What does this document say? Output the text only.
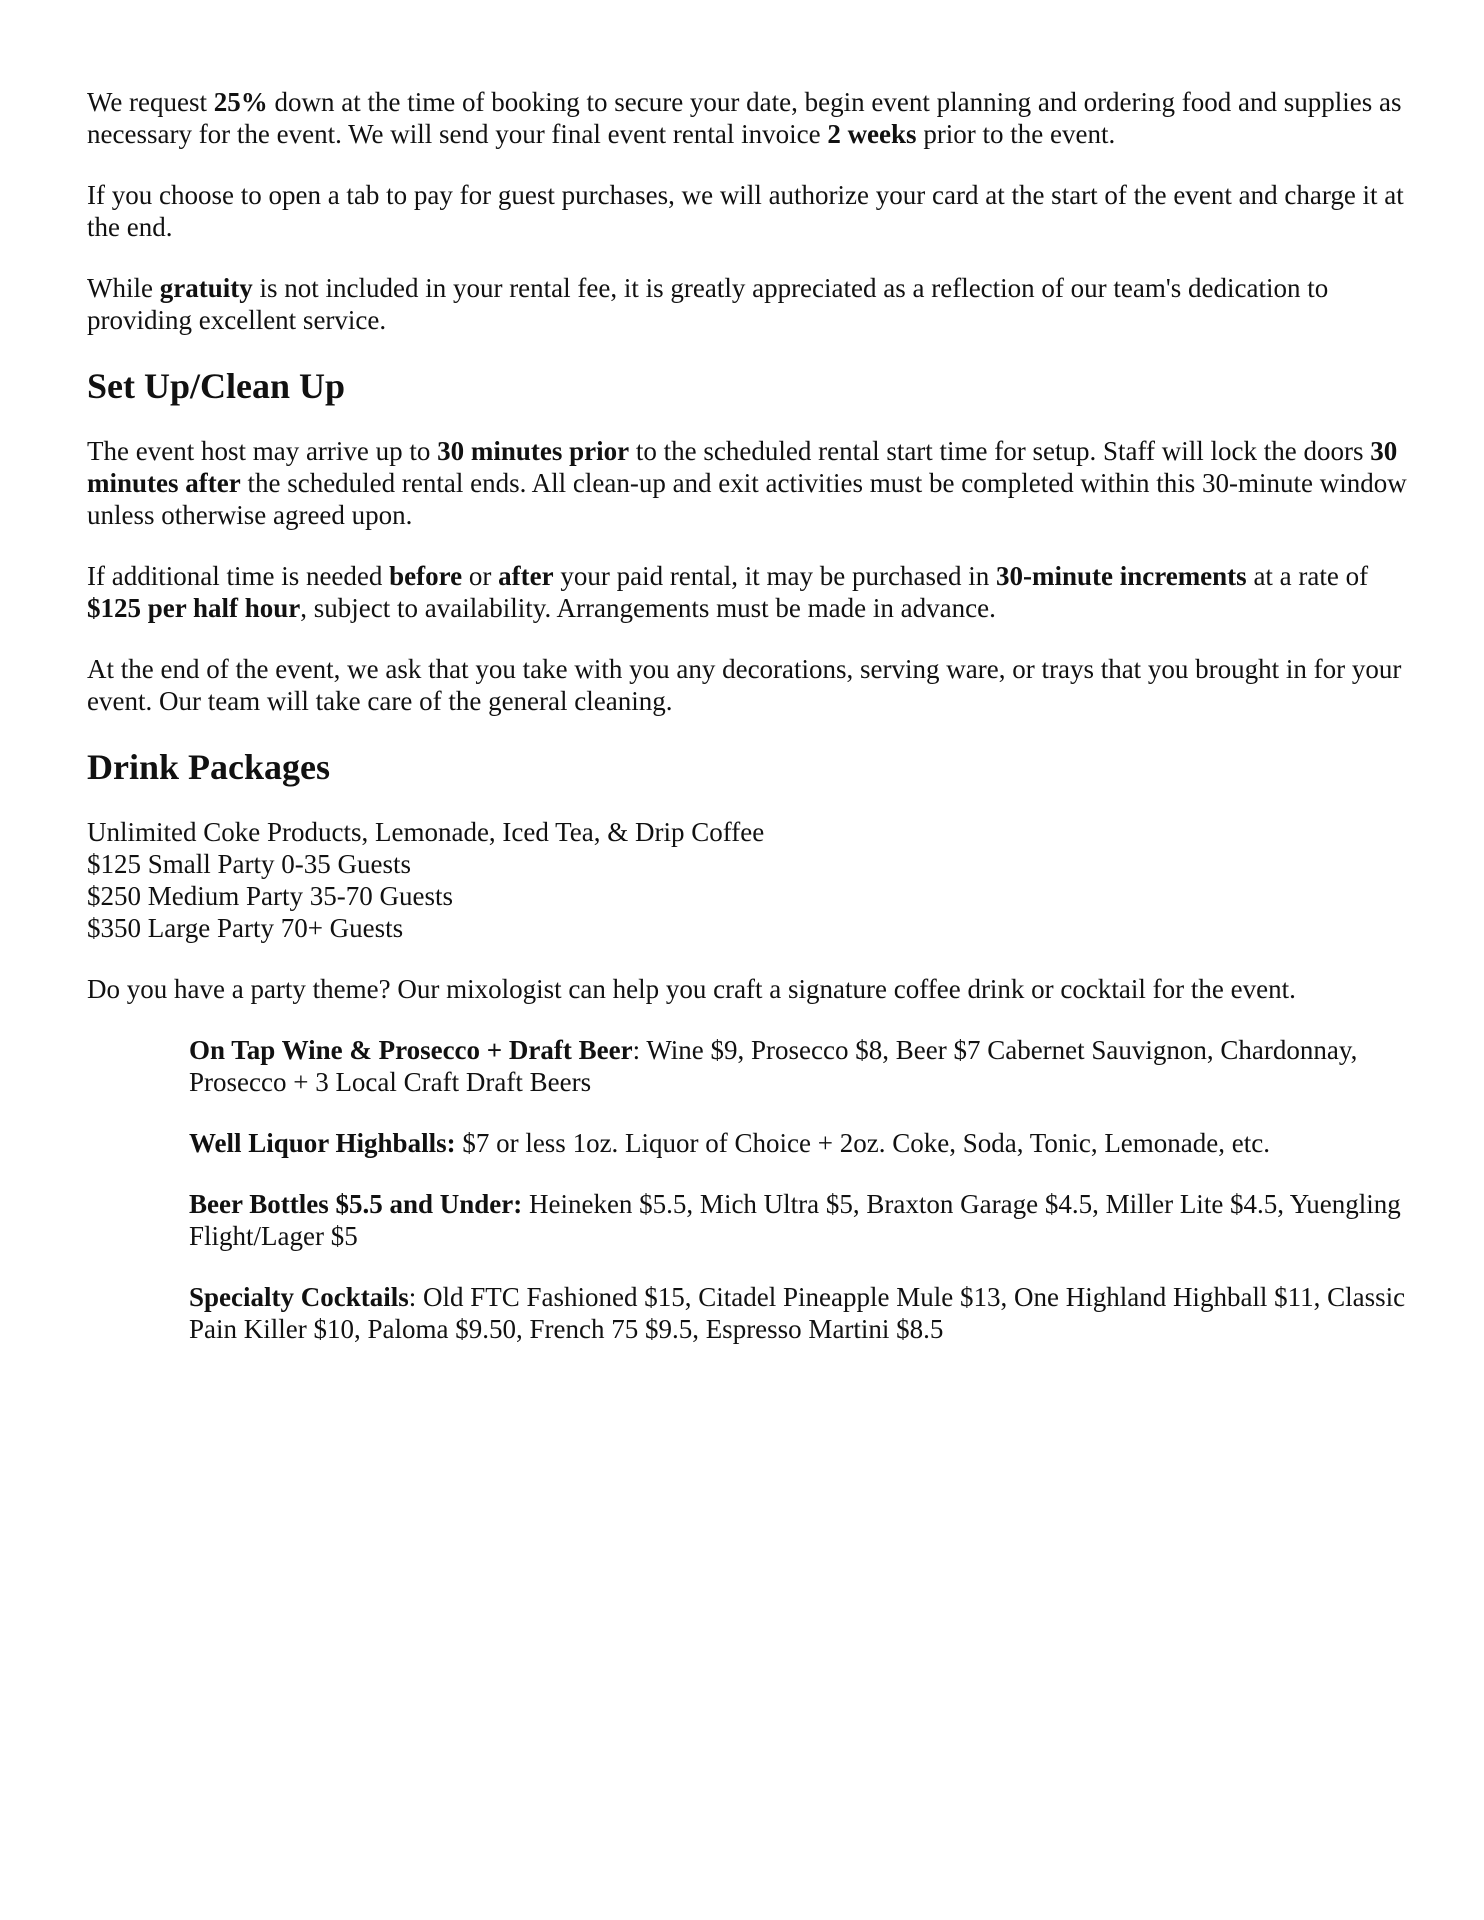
We request 25% down at the time of booking to secure your date, begin event planning and ordering food and supplies as necessary for the event. We will send your final event rental invoice 2 weeks prior to the event.

If you choose to open a tab to pay for guest purchases, we will authorize your card at the start of the event and charge it at the end.

While gratuity is not included in your rental fee, it is greatly appreciated as a reflection of our team's dedication to providing excellent service.

Set Up/Clean Up

The event host may arrive up to 30 minutes prior to the scheduled rental start time for setup. Staff will lock the doors 30 minutes after the scheduled rental ends. All clean-up and exit activities must be completed within this 30-minute window unless otherwise agreed upon.

If additional time is needed before or after your paid rental, it may be purchased in 30-minute increments at a rate of $125 per half hour, subject to availability. Arrangements must be made in advance.

At the end of the event, we ask that you take with you any decorations, serving ware, or trays that you brought in for your event. Our team will take care of the general cleaning.

Drink Packages
Unlimited Coke Products, Lemonade, Iced Tea, & Drip Coffee
$125 Small Party 0-35 Guests
$250 Medium Party 35-70 Guests
$350 Large Party 70+ Guests

Do you have a party theme? Our mixologist can help you craft a signature coffee drink or cocktail for the event.

On Tap Wine & Prosecco + Draft Beer: Wine $9, Prosecco $8, Beer $7 Cabernet Sauvignon, Chardonnay, Prosecco + 3 Local Craft Draft Beers

Well Liquor Highballs: $7 or less 1oz. Liquor of Choice + 2oz. Coke, Soda, Tonic, Lemonade, etc.

Beer Bottles $5.5 and Under: Heineken $5.5, Mich Ultra $5, Braxton Garage $4.5, Miller Lite $4.5, Yuengling Flight/Lager $5

Specialty Cocktails: Old FTC Fashioned $15, Citadel Pineapple Mule $13, One Highland Highball $11, Classic Pain Killer $10, Paloma $9.50, French 75 $9.5, Espresso Martini $8.5
